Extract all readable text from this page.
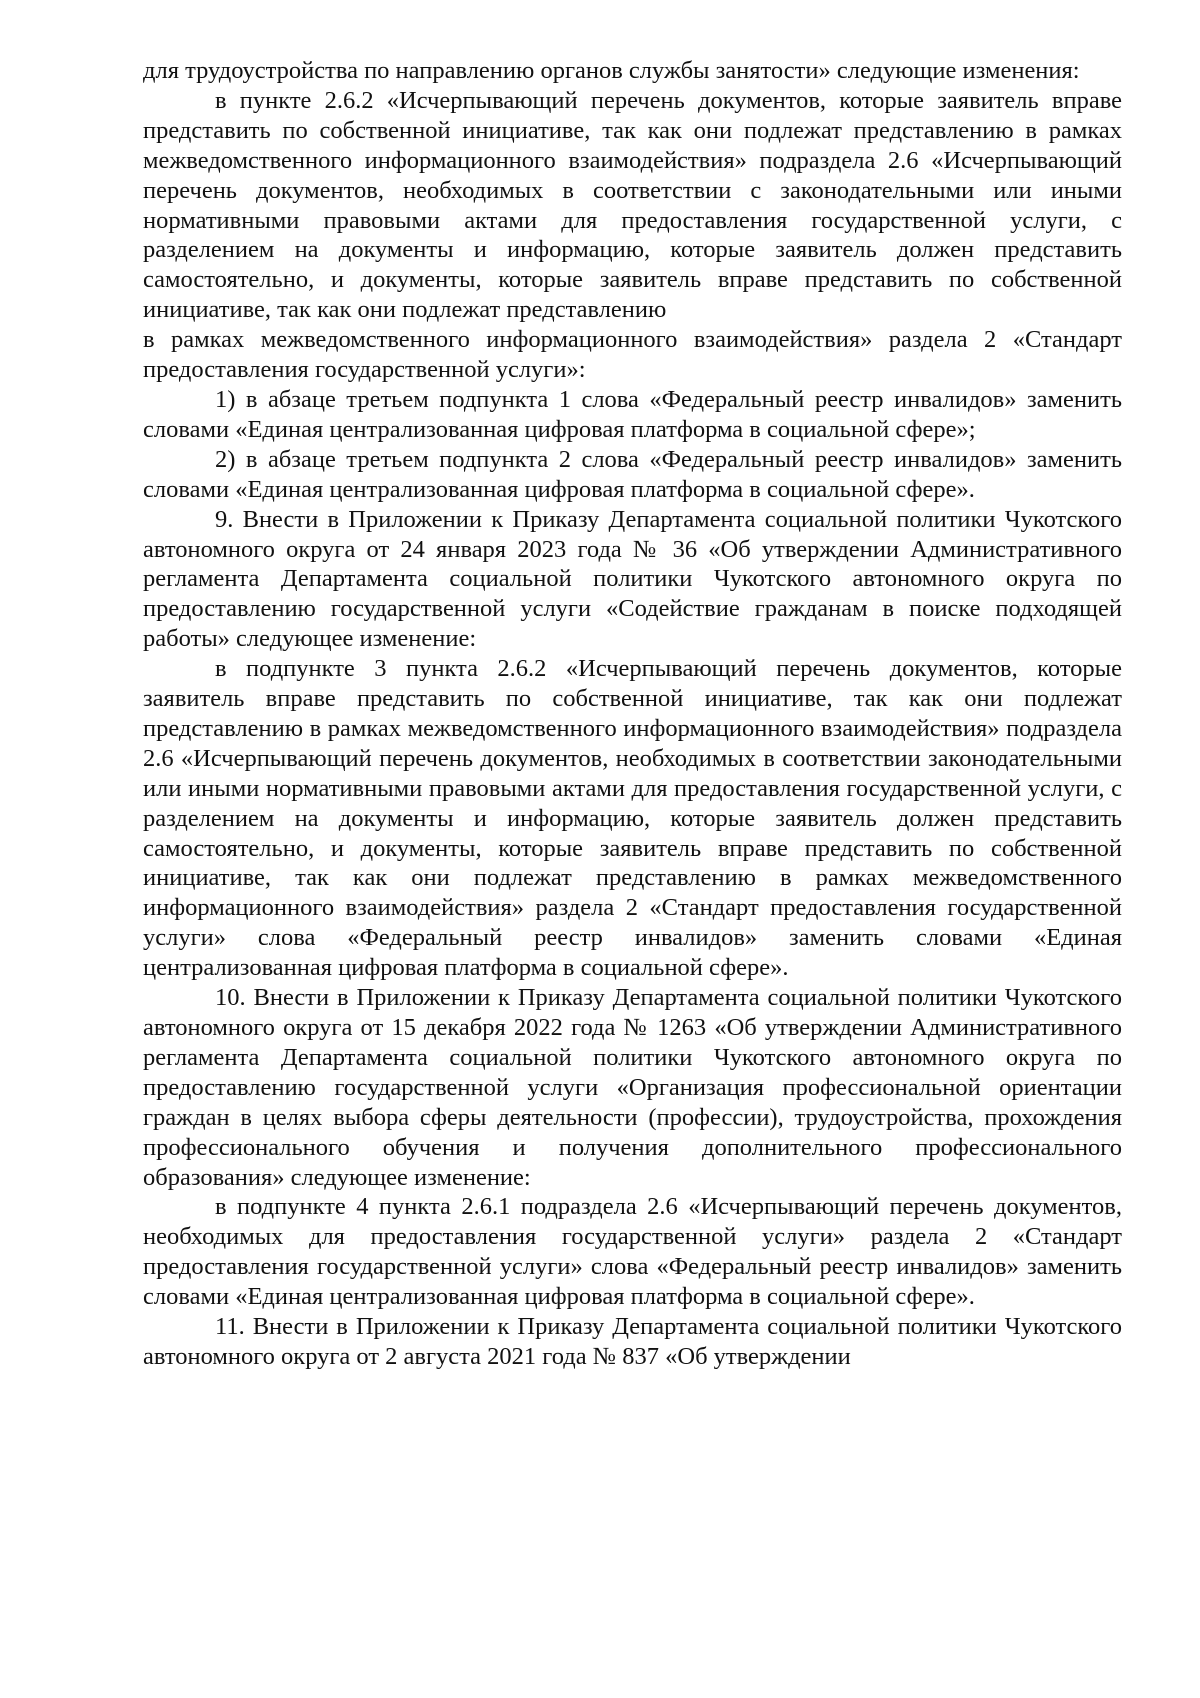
для трудоустройства по направлению органов службы занятости» следующие изменения:

в пункте 2.6.2 «Исчерпывающий перечень документов, которые заявитель вправе представить по собственной инициативе, так как они подлежат представлению в рамках межведомственного информационного взаимодействия» подраздела 2.6 «Исчерпывающий перечень документов, необходимых в соответствии с законодательными или иными нормативными правовыми актами для предоставления государственной услуги, с разделением на документы и информацию, которые заявитель должен представить самостоятельно, и документы, которые заявитель вправе представить по собственной инициативе, так как они подлежат представлению

в рамках межведомственного информационного взаимодействия» раздела 2 «Стандарт предоставления государственной услуги»:

1) в абзаце третьем подпункта 1 слова «Федеральный реестр инвалидов» заменить словами «Единая централизованная цифровая платформа в социальной сфере»;

2) в абзаце третьем подпункта 2 слова «Федеральный реестр инвалидов» заменить словами «Единая централизованная цифровая платформа в социальной сфере».

9. Внести в Приложении к Приказу Департамента социальной политики Чукотского автономного округа от 24 января 2023 года № 36 «Об утверждении Административного регламента Департамента социальной политики Чукотского автономного округа по предоставлению государственной услуги «Содействие гражданам в поиске подходящей работы» следующее изменение:

в подпункте 3 пункта 2.6.2 «Исчерпывающий перечень документов, которые заявитель вправе представить по собственной инициативе, так как они подлежат представлению в рамках межведомственного информационного взаимодействия» подраздела 2.6 «Исчерпывающий перечень документов, необходимых в соответствии законодательными или иными нормативными правовыми актами для предоставления государственной услуги, с разделением на документы и информацию, которые заявитель должен представить самостоятельно, и документы, которые заявитель вправе представить по собственной инициативе, так как они подлежат представлению в рамках межведомственного информационного взаимодействия» раздела 2 «Стандарт предоставления государственной услуги» слова «Федеральный реестр инвалидов» заменить словами «Единая централизованная цифровая платформа в социальной сфере».

10. Внести в Приложении к Приказу Департамента социальной политики Чукотского автономного округа от 15 декабря 2022 года № 1263 «Об утверждении Административного регламента Департамента социальной политики Чукотского автономного округа по предоставлению государственной услуги «Организация профессиональной ориентации граждан в целях выбора сферы деятельности (профессии), трудоустройства, прохождения профессионального обучения и получения дополнительного профессионального образования» следующее изменение:

в подпункте 4 пункта 2.6.1 подраздела 2.6 «Исчерпывающий перечень документов, необходимых для предоставления государственной услуги» раздела 2 «Стандарт предоставления государственной услуги» слова «Федеральный реестр инвалидов» заменить словами «Единая централизованная цифровая платформа в социальной сфере».

11. Внести в Приложении к Приказу Департамента социальной политики Чукотского автономного округа от 2 августа 2021 года № 837 «Об утверждении
